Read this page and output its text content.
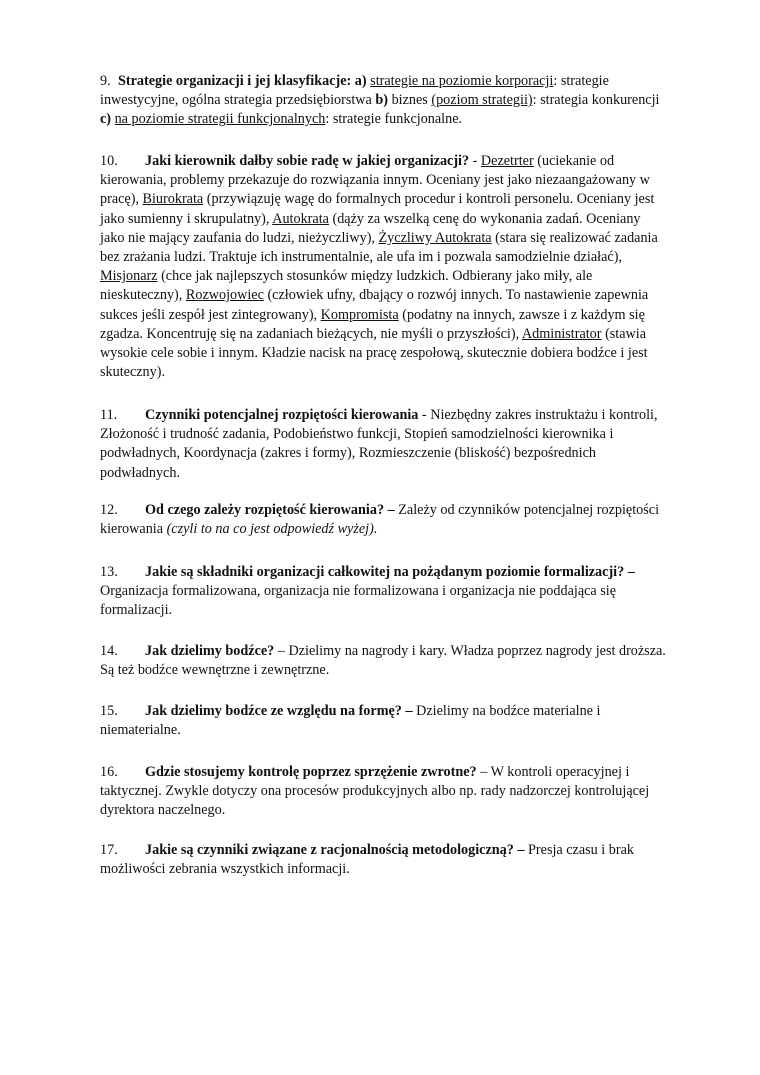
9. Strategie organizacji i jej klasyfikacje: a) strategie na poziomie korporacji: strategie inwestycyjne, ogólna strategia przedsiębiorstwa b) biznes (poziom strategii): strategia konkurencji c) na poziomie strategii funkcjonalnych: strategie funkcjonalne.

10. Jaki kierownik dałby sobie radę w jakiej organizacji? - Dezetrter (uciekanie od kierowania, problemy przekazuje do rozwiązania innym. Oceniany jest jako niezaangażowany w pracę), Biurokrata (przywiązuję wagę do formalnych procedur i kontroli personelu. Oceniany jest jako sumienny i skrupulatny), Autokrata (dąży za wszelką cenę do wykonania zadań. Oceniany jako nie mający zaufania do ludzi, nieżyczliwy), Życzliwy Autokrata (stara się realizować zadania bez zrażania ludzi. Traktuje ich instrumentalnie, ale ufa im i pozwala samodzielnie działać), Misjonarz (chce jak najlepszych stosunków między ludzkich. Odbierany jako miły, ale nieskuteczny), Rozwojowiec (człowiek ufny, dbający o rozwój innych. To nastawienie zapewnia sukces jeśli zespół jest zintegrowany), Kompromista (podatny na innych, zawsze i z każdym się zgadza. Koncentruję się na zadaniach bieżących, nie myśli o przyszłości), Administrator (stawia wysokie cele sobie i innym. Kładzie nacisk na pracę zespołową, skutecznie dobiera bodźce i jest skuteczny).

11. Czynniki potencjalnej rozpiętości kierowania - Niezbędny zakres instruktażu i kontroli, Złożoność i trudność zadania, Podobieństwo funkcji, Stopień samodzielności kierownika i podwładnych, Koordynacja (zakres i formy), Rozmieszczenie (bliskość) bezpośrednich podwładnych.

12. Od czego zależy rozpiętość kierowania? – Zależy od czynników potencjalnej rozpiętości kierowania (czyli to na co jest odpowiedź wyżej).

13. Jakie są składniki organizacji całkowitej na pożądanym poziomie formalizacji? – Organizacja formalizowana, organizacja nie formalizowana i organizacja nie poddająca się formalizacji.

14. Jak dzielimy bodźce? – Dzielimy na nagrody i kary. Władza poprzez nagrody jest droższa. Są też bodźce wewnętrzne i zewnętrzne.

15. Jak dzielimy bodźce ze względu na formę? – Dzielimy na bodźce materialne i niematerialne.

16. Gdzie stosujemy kontrolę poprzez sprzężenie zwrotne? – W kontroli operacyjnej i taktycznej. Zwykle dotyczy ona procesów produkcyjnych albo np. rady nadzorczej kontrolującej dyrektora naczelnego.

17. Jakie są czynniki związane z racjonalnością metodologiczną? – Presja czasu i brak możliwości zebrania wszystkich informacji.
